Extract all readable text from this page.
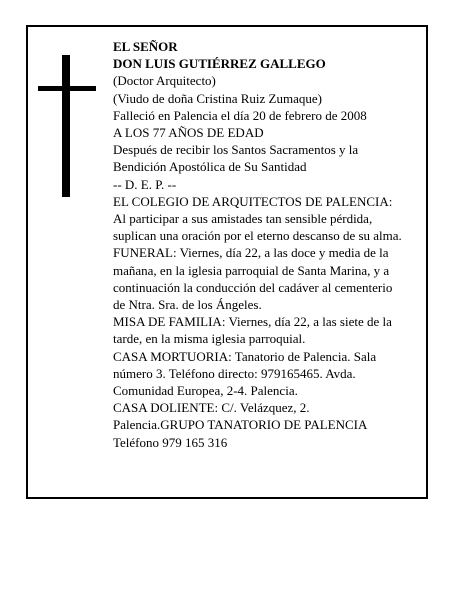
EL SEÑOR

DON LUIS GUTIÉRREZ GALLEGO

(Doctor Arquitecto)

(Viudo de doña Cristina Ruiz Zumaque)

Falleció en Palencia el día 20 de febrero de 2008

A LOS 77 AÑOS DE EDAD

Después de recibir los Santos Sacramentos y la

Bendición Apostólica de Su Santidad

-- D. E. P. --

EL COLEGIO DE ARQUITECTOS DE PALENCIA:

Al participar a sus amistades tan sensible pérdida,

suplican una oración por el eterno descanso de su alma.

FUNERAL: Viernes, día 22, a las doce y media de la

mañana, en la iglesia parroquial de Santa Marina, y a

continuación la conducción del cadáver al cementerio

de Ntra. Sra. de los Ángeles.

MISA DE FAMILIA: Viernes, día 22, a las siete de la

tarde, en la misma iglesia parroquial.

CASA MORTUORIA: Tanatorio de Palencia. Sala

número 3. Teléfono directo: 979165465. Avda.

Comunidad Europea, 2-4. Palencia.

CASA DOLIENTE: C/. Velázquez, 2.

Palencia.GRUPO TANATORIO DE PALENCIA

Teléfono 979 165 316
